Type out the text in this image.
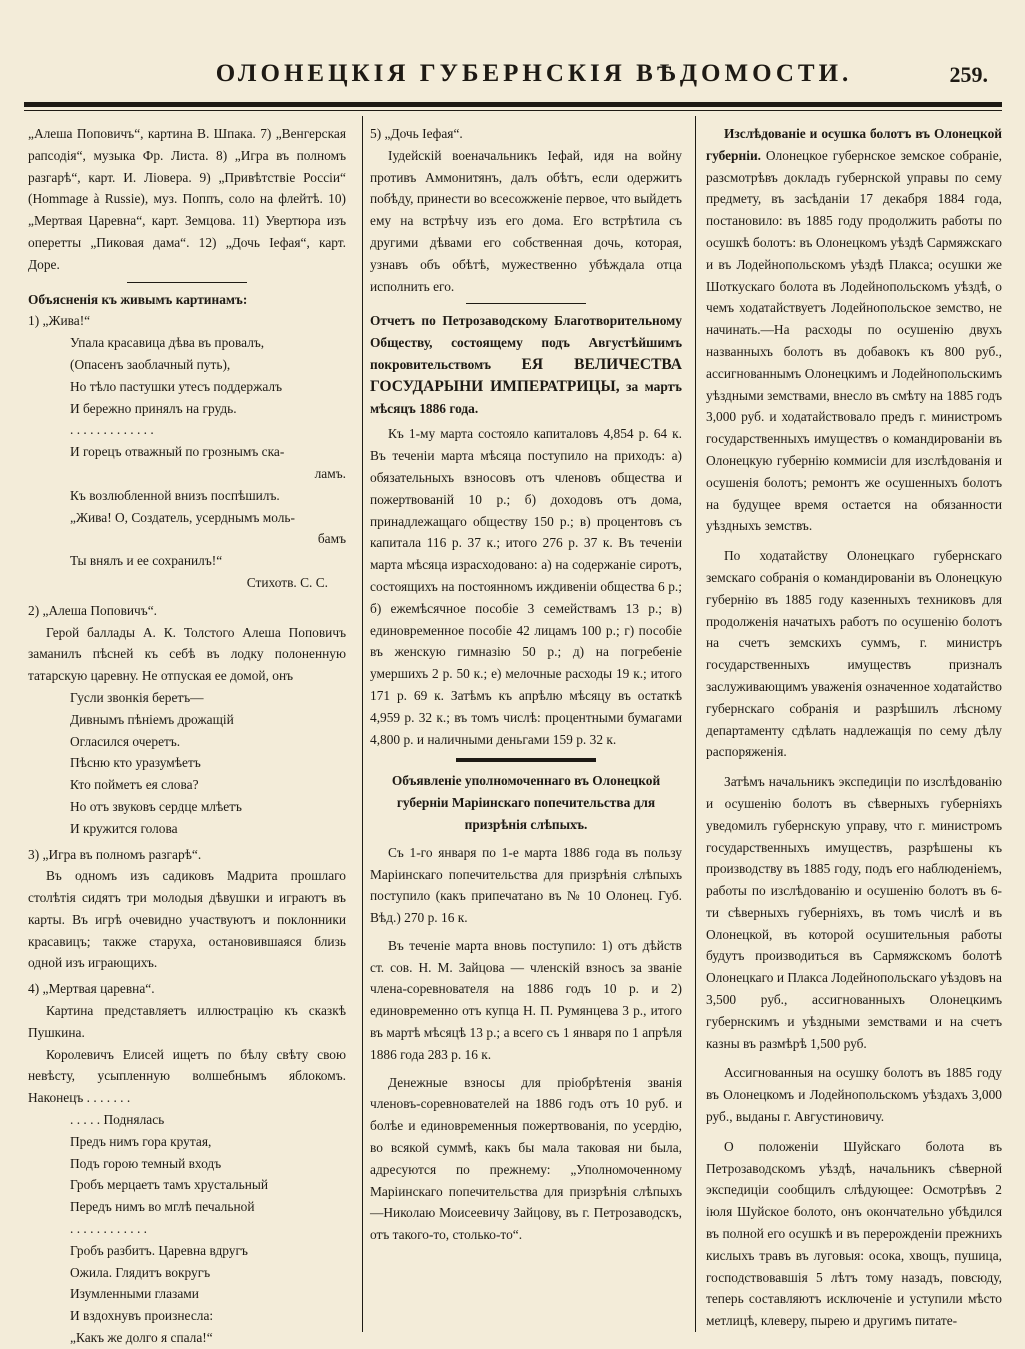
ОЛОНЕЦКІЯ ГУБЕРНСКІЯ ВѢДОМОСТИ.	259.

„Алеша Поповичъ“, картина В. Шпака. 7) „Венгерская рапсодія“, музыка Фр. Листа. 8) „Игра въ полномъ разгарѣ“, карт. И. Лiовера. 9) „Привѣтствіе Россіи“ (Hommage à Russie), муз. Поппъ, соло на флейтѣ. 10) „Мертвая Царевна“, карт. Земцова. 11) Увертюра изъ оперетты „Пиковая дама“. 12) „Дочь Іефая“, карт. Доре.

Объясненія къ живымъ картинамъ:

1) „Жива!“

Упала красавица дѣва въ провалъ,

(Опасенъ заоблачный путь),

Но тѣло пастушки утесъ поддержалъ

И бережно принялъ на грудь.

. . . . . . . . . . . . .

И горецъ отважный по грознымъ ска-

ламъ.

Къ возлюбленной внизъ поспѣшилъ.

„Жива! О, Создатель, усерднымъ моль-

бамъ

Ты внялъ и ее сохранилъ!“

Стихотв. С. С.

2) „Алеша Поповичъ“.

Герой баллады А. К. Толстого Алеша Поповичъ заманилъ пѣсней къ себѣ въ лодку полоненную татарскую царевну. Не отпуская ее домой, онъ

Гусли звонкія беретъ—

Дивнымъ пѣніемъ дрожащій

Огласился очеретъ.

Пѣсню кто уразумѣетъ

Кто пойметъ ея слова?

Но отъ звуковъ сердце млѣетъ

И кружится голова

3) „Игра въ полномъ разгарѣ“.

Въ одномъ изъ садиковъ Мадрита прошлаго столѣтія сидятъ три молодыя дѣвушки и играютъ въ карты. Въ игрѣ очевидно участвуютъ и поклонники красавицъ; также старуха, остановившаяся близь одной изъ играющихъ.

4) „Мертвая царевна“.

Картина представляетъ иллюстрацію къ сказкѣ Пушкина.

Королевичъ Елисей ищетъ по бѣлу свѣту свою невѣсту, усыпленную волшебнымъ яблокомъ. Наконецъ . . . . . . .

. . . . . Поднялась

Предъ нимъ гора крутая,

Подъ горою темный входъ

Гробъ мерцаетъ тамъ хрустальный

Передъ нимъ во мглѣ печальной

. . . . . . . . . . . .

Гробъ разбитъ. Царевна вдругъ

Ожила. Глядитъ вокругъ

Изумленными глазами

И вздохнувъ произнесла:

„Какъ же долго я спала!“

5) „Дочь Іефая“.

Іудейскій военачальникъ Іефай, идя на войну противъ Аммонитянъ, далъ обѣтъ, если одержитъ побѣду, принести во всесожжeніе первое, что выйдетъ ему на встрѣчу изъ его дома. Его встрѣтила съ другими дѣвами его собственная дочь, которая, узнавъ объ обѣтѣ, мужественно убѣждала отца исполнить его.

Отчетъ по Петрозаводскому Благотворительному Обществу, состоящему подъ Августѣйшимъ покровительствомъ ЕЯ ВЕЛИЧЕСТВА ГОСУДАРЫНИ ИМПЕРАТРИЦЫ, за мартъ мѣсяцъ 1886 года.

Къ 1-му марта состояло капиталовъ 4,854 р. 64 к. Въ теченіи марта мѣсяца поступило на приходъ: а) обязательныхъ взносовъ отъ членовъ общества и пожертвованій 10 р.; б) доходовъ отъ дома, принадлежащаго обществу 150 р.; в) процентовъ съ капитала 116 р. 37 к.; итого 276 р. 37 к. Въ теченіи марта мѣсяца израсходовано: а) на содержаніе сиротъ, состоящихъ на постоянномъ иждивеніи общества 6 р.; б) ежемѣсячное пособіе 3 семействамъ 13 р.; в) единовременное пособіе 42 лицамъ 100 р.; г) пособіе въ женскую гимназію 50 р.; д) на погребеніе умершихъ 2 р. 50 к.; е) мелочные расходы 19 к.; итого 171 р. 69 к. Затѣмъ къ апрѣлю мѣсяцу въ остаткѣ 4,959 р. 32 к.; въ томъ числѣ: процентными бумагами 4,800 р. и наличными деньгами 159 р. 32 к.

Объявленіе уполномоченнаго въ Олонецкой губерніи Маріинскаго попечительства для призрѣнія слѣпыхъ.

Съ 1-го января по 1-е марта 1886 года въ пользу Маріинскаго попечительства для призрѣнія слѣпыхъ поступило (какъ припечатано въ № 10 Олонец. Губ. Вѣд.) 270 р. 16 к.

Въ теченіе марта вновь поступило: 1) отъ дѣйств ст. сов. Н. М. Зайцова — членскій взносъ за званіе члена-соревнователя на 1886 годъ 10 р. и 2) единовременно отъ купца Н. П. Румянцева 3 р., итого въ мартѣ мѣсяцѣ 13 р.; а всего съ 1 января по 1 апрѣля 1886 года 283 р. 16 к.

Денежные взносы для пріобрѣтенія званія членовъ-соревнователей на 1886 годъ отъ 10 руб. и болѣе и единовременныя пожертвованія, по усердію, во всякой суммѣ, какъ бы мала таковая ни была, адресуются по прежнему: „Уполномоченному Маріинскаго попечительства для призрѣнія слѣпыхъ—Николаю Моисеевичу Зайцову, въ г. Петрозаводскъ, отъ такого-то, столько-то“.

Изслѣдованіе и осушка болотъ въ Олонецкой губерніи. Олонецкое губернское земское собраніе, разсмотрѣвъ докладъ губернской управы по сему предмету, въ засѣданіи 17 декабря 1884 года, постановило: въ 1885 году продолжить работы по осушкѣ болотъ: въ Олонецкомъ уѣздѣ Сармяжскаго и въ Лодейнопольскомъ уѣздѣ Плакса; осушки же Шоткускаго болота въ Лодейнопольскомъ уѣздѣ, о чемъ ходатайствуетъ Лодейнопольское земство, не начинать.—На расходы по осушенію двухъ названныхъ болотъ въ добавокъ къ 800 руб., ассигнованнымъ Олонецкимъ и Лодейнопольскимъ уѣздными земствами, внесло въ смѣту на 1885 годъ 3,000 руб. и ходатайствовало предъ г. министромъ государственныхъ имуществъ о командированіи въ Олонецкую губернію коммисіи для изслѣдованія и осушенія болотъ; ремонтъ же осушенныхъ болотъ на будущее время остается на обязанности уѣздныхъ земствъ.

По ходатайству Олонецкаго губернскаго земскаго собранія о командированіи въ Олонецкую губернію въ 1885 году казенныхъ техниковъ для продолженія начатыхъ работъ по осушенію болотъ на счетъ земскихъ суммъ, г. министръ государственныхъ имуществъ призналъ заслуживающимъ уваженія означенное ходатайство губернскаго собранія и разрѣшилъ лѣсному департаменту сдѣлать надлежащія по сему дѣлу распоряженія.

Затѣмъ начальникъ экспедиціи по изслѣдованію и осушенію болотъ въ сѣверныхъ губерніяхъ уведомилъ губернскую управу, что г. министромъ государственныхъ имуществъ, разрѣшены къ производству въ 1885 году, подъ его наблюденіемъ, работы по изслѣдованію и осушенію болотъ въ 6-ти сѣверныхъ губерніяхъ, въ томъ числѣ и въ Олонецкой, въ которой осушительныя работы будутъ производиться въ Сармяжскомъ болотѣ Олонецкаго и Плакса Лодейнопольскаго уѣздовъ на 3,500 руб., ассигнованныхъ Олонецкимъ губернскимъ и уѣздными земствами и на счетъ казны въ размѣрѣ 1,500 руб.

Ассигнованныя на осушку болотъ въ 1885 году въ Олонецкомъ и Лодейнопольскомъ уѣздахъ 3,000 руб., выданы г. Августиновичу.

О положеніи Шуйскаго болота въ Петрозаводскомъ уѣздѣ, начальникъ сѣверной экспедиціи сообщилъ слѣдующее: Осмотрѣвъ 2 іюля Шуйское болото, онъ окончательно убѣдился въ полной его осушкѣ и въ перерожденіи прежнихъ кислыхъ травъ въ луговыя: осока, хвощъ, пушица, господствовавшія 5 лѣтъ тому назадъ, повсюду, теперь составляютъ исключеніе и уступили мѣсто метлицѣ, клеверу, пырею и другимъ питате-
